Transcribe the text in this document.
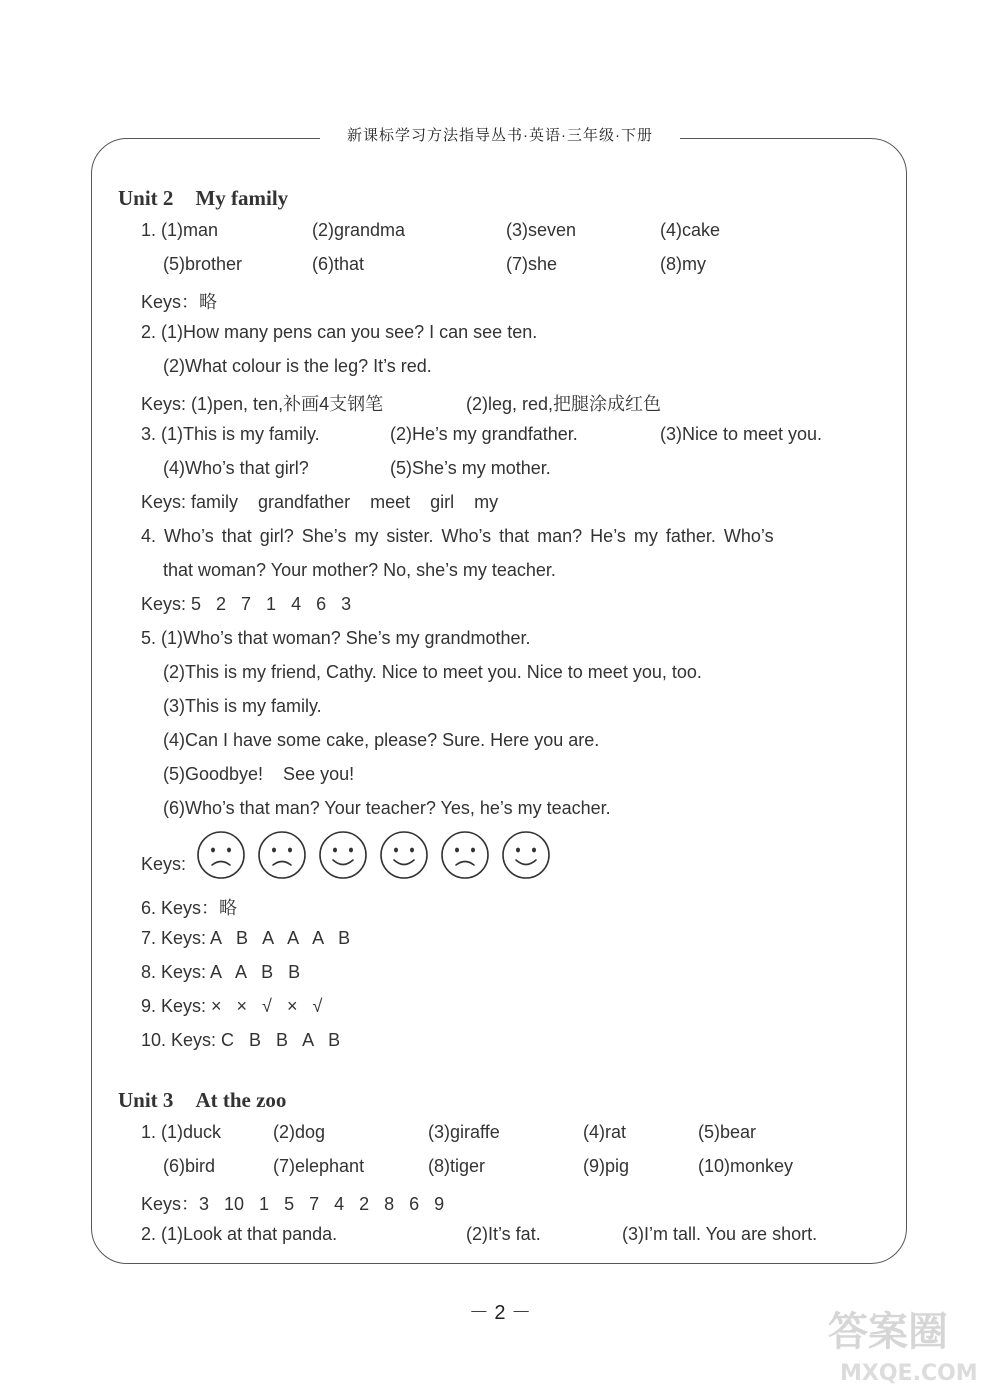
新课标学习方法指导丛书·英语·三年级·下册
Unit 2 My family
1. (1)man	(2)grandma	(3)seven	(4)cake
(5)brother	(6)that	(7)she	(8)my
Keys：略
2. (1)How many pens can you see? I can see ten.
(2)What colour is the leg? It’s red.
Keys: (1)pen, ten,补画4支钢笔	(2)leg, red,把腿涂成红色
3. (1)This is my family.	(2)He’s my grandfather.	(3)Nice to meet you.
(4)Who’s that girl?	(5)She’s my mother.
Keys: family    grandfather    meet    girl    my
4. Who’s that girl? She’s my sister. Who’s that man? He’s my father. Who’s
that woman? Your mother? No, she’s my teacher.
Keys: 5   2   7   1   4   6   3
5. (1)Who’s that woman? She’s my grandmother.
(2)This is my friend, Cathy. Nice to meet you. Nice to meet you, too.
(3)This is my family.
(4)Can I have some cake, please? Sure. Here you are.
(5)Goodbye!    See you!
(6)Who’s that man? Your teacher? Yes, he’s my teacher.
Keys:
6. Keys：略
7. Keys: A   B   A   A   A   B
8. Keys: A   A   B   B
9. Keys: ×   ×   √   ×   √
10. Keys: C   B   B   A   B
Unit 3 At the zoo
1. (1)duck	(2)dog	(3)giraffe	(4)rat	(5)bear
(6)bird	(7)elephant	(8)tiger	(9)pig	(10)monkey
Keys：3   10   1   5   7   4   2   8   6   9
2. (1)Look at that panda.	(2)It’s fat.	(3)I’m tall. You are short.
－ 2 －	答案圈
MXQE.COM
